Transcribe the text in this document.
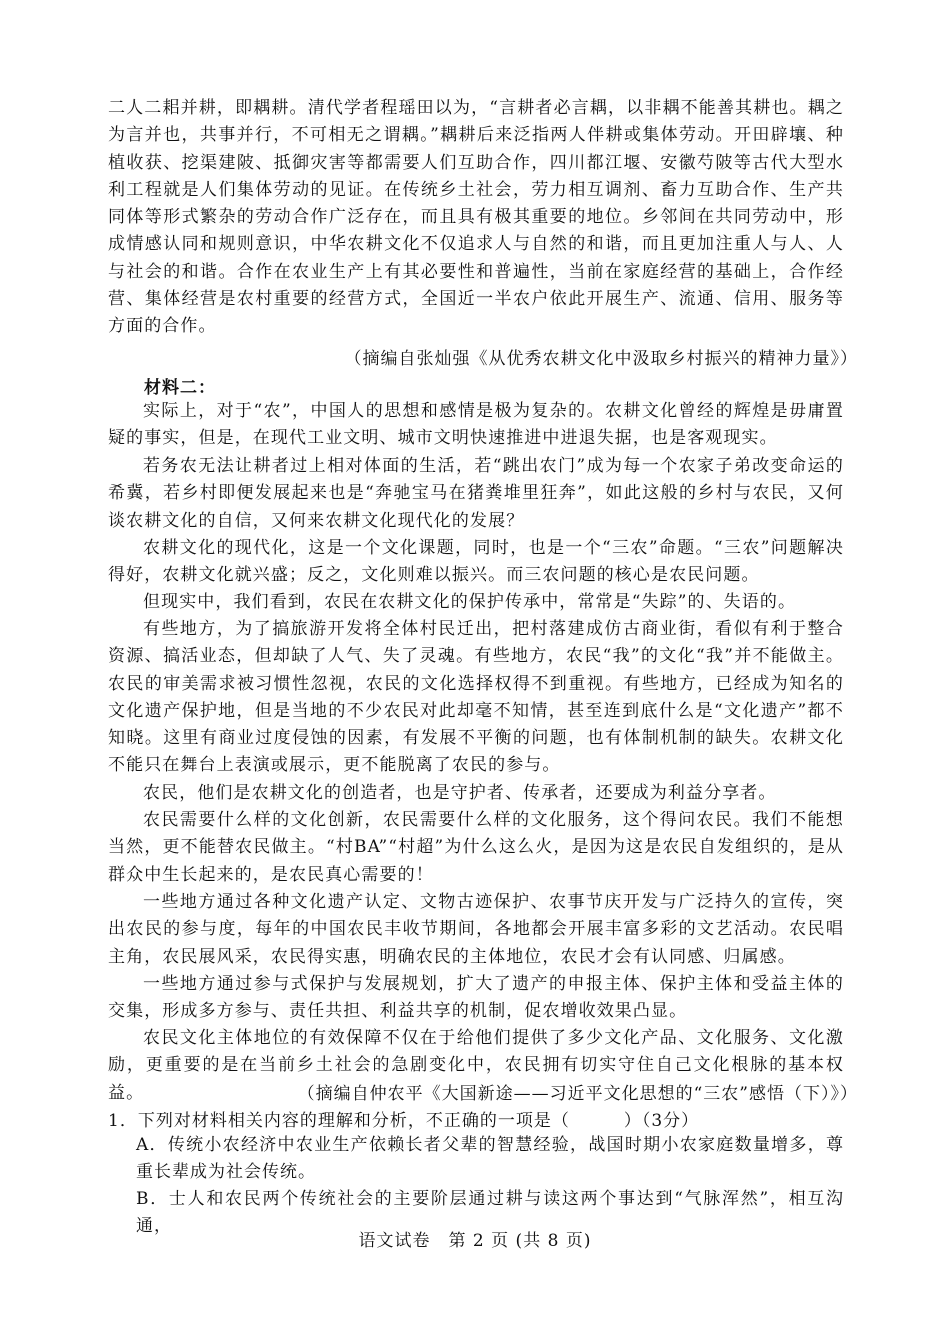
二人二耜并耕，即耦耕。清代学者程瑶田以为，“言耕者必言耦，以非耦不能善其耕也。耦之为言并也，共事并行，不可相无之谓耦。”耦耕后来泛指两人伴耕或集体劳动。开田辟壤、种植收获、挖渠建陂、抵御灾害等都需要人们互助合作，四川都江堰、安徽芍陂等古代大型水利工程就是人们集体劳动的见证。在传统乡土社会，劳力相互调剂、畜力互助合作、生产共同体等形式繁杂的劳动合作广泛存在，而且具有极其重要的地位。乡邻间在共同劳动中，形成情感认同和规则意识，中华农耕文化不仅追求人与自然的和谐，而且更加注重人与人、人与社会的和谐。合作在农业生产上有其必要性和普遍性，当前在家庭经营的基础上，合作经营、集体经营是农村重要的经营方式，全国近一半农户依此开展生产、流通、信用、服务等方面的合作。

（摘编自张灿强《从优秀农耕文化中汲取乡村振兴的精神力量》）

材料二：

实际上，对于“农”，中国人的思想和感情是极为复杂的。农耕文化曾经的辉煌是毋庸置疑的事实，但是，在现代工业文明、城市文明快速推进中进退失据，也是客观现实。

若务农无法让耕者过上相对体面的生活，若“跳出农门”成为每一个农家子弟改变命运的希冀，若乡村即便发展起来也是“奔驰宝马在猪粪堆里狂奔”，如此这般的乡村与农民，又何谈农耕文化的自信，又何来农耕文化现代化的发展？

农耕文化的现代化，这是一个文化课题，同时，也是一个“三农”命题。“三农”问题解决得好，农耕文化就兴盛；反之，文化则难以振兴。而三农问题的核心是农民问题。

但现实中，我们看到，农民在农耕文化的保护传承中，常常是“失踪”的、失语的。

有些地方，为了搞旅游开发将全体村民迁出，把村落建成仿古商业街，看似有利于整合资源、搞活业态，但却缺了人气、失了灵魂。有些地方，农民“我”的文化“我”并不能做主。农民的审美需求被习惯性忽视，农民的文化选择权得不到重视。有些地方，已经成为知名的文化遗产保护地，但是当地的不少农民对此却毫不知情，甚至连到底什么是“文化遗产”都不知晓。这里有商业过度侵蚀的因素，有发展不平衡的问题，也有体制机制的缺失。农耕文化不能只在舞台上表演或展示，更不能脱离了农民的参与。

农民，他们是农耕文化的创造者，也是守护者、传承者，还要成为利益分享者。

农民需要什么样的文化创新，农民需要什么样的文化服务，这个得问农民。我们不能想当然，更不能替农民做主。“村BA”“村超”为什么这么火，是因为这是农民自发组织的，是从群众中生长起来的，是农民真心需要的！

一些地方通过各种文化遗产认定、文物古迹保护、农事节庆开发与广泛持久的宣传，突出农民的参与度，每年的中国农民丰收节期间，各地都会开展丰富多彩的文艺活动。农民唱主角，农民展风采，农民得实惠，明确农民的主体地位，农民才会有认同感、归属感。

一些地方通过参与式保护与发展规划，扩大了遗产的申报主体、保护主体和受益主体的交集，形成多方参与、责任共担、利益共享的机制，促农增收效果凸显。

农民文化主体地位的有效保障不仅在于给他们提供了多少文化产品、文化服务、文化激励，更重要的是在当前乡土社会的急剧变化中，农民拥有切实守住自己文化根脉的基本权益。	（摘编自仲农平《大国新途——习近平文化思想的“三农”感悟（下）》）

1．下列对材料相关内容的理解和分析，不正确的一项是（　　　）（3分）

A．传统小农经济中农业生产依赖长者父辈的智慧经验，战国时期小农家庭数量增多，尊重长辈成为社会传统。

B．士人和农民两个传统社会的主要阶层通过耕与读这两个事达到“气脉浑然”，相互沟通，

语文试卷　第 2 页 (共 8 页)
